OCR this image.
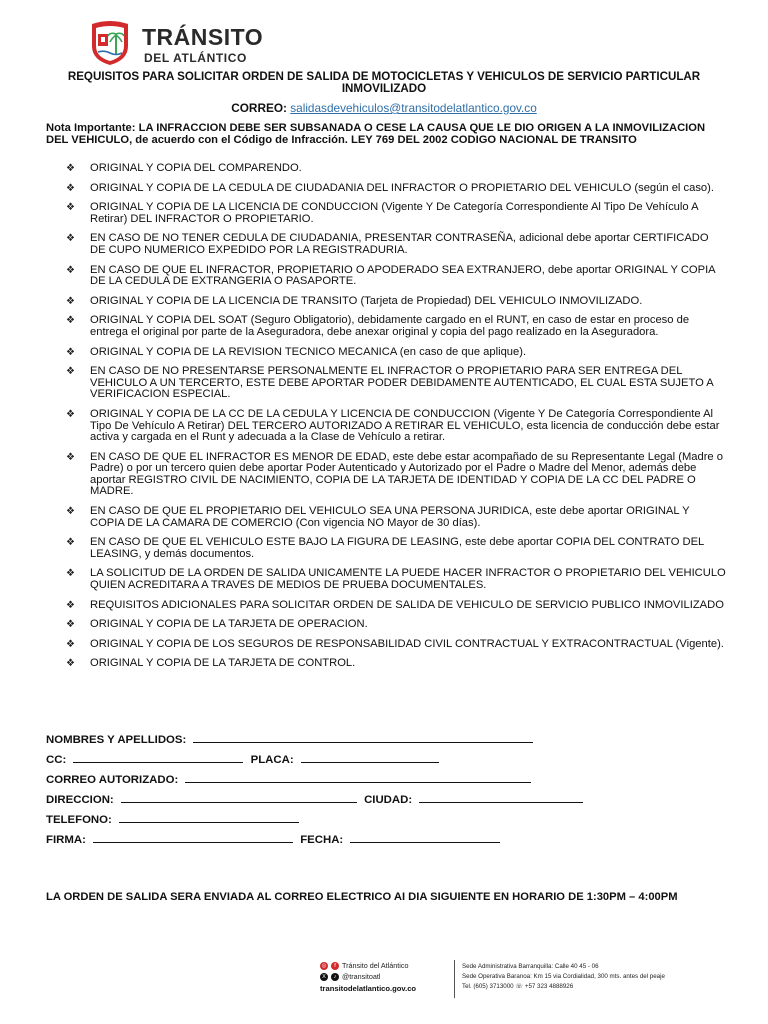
TRÁNSITO
DEL ATLÁNTICO
REQUISITOS PARA SOLICITAR ORDEN DE SALIDA DE MOTOCICLETAS Y VEHICULOS DE SERVICIO PARTICULAR INMOVILIZADO
CORREO: salidasdevehiculos@transitodelatlantico.gov.co
Nota Importante: LA INFRACCION DEBE SER SUBSANADA O CESE LA CAUSA QUE LE DIO ORIGEN A LA INMOVILIZACION DEL VEHICULO, de acuerdo con el Código de Infracción. LEY 769 DEL 2002 CODIGO NACIONAL DE TRANSITO
❖ ORIGINAL Y COPIA DEL COMPARENDO.
❖ ORIGINAL Y COPIA DE LA CEDULA DE CIUDADANIA DEL INFRACTOR O PROPIETARIO DEL VEHICULO (según el caso).
❖ ORIGINAL Y COPIA DE LA LICENCIA DE CONDUCCION (Vigente Y De Categoría Correspondiente Al Tipo De Vehículo A Retirar) DEL INFRACTOR O PROPIETARIO.
❖ EN CASO DE NO TENER CEDULA DE CIUDADANIA, PRESENTAR CONTRASEÑA, adicional debe aportar CERTIFICADO DE CUPO NUMERICO EXPEDIDO POR LA REGISTRADURIA.
❖ EN CASO DE QUE EL INFRACTOR, PROPIETARIO O APODERADO SEA EXTRANJERO, debe aportar ORIGINAL Y COPIA DE LA CEDULA DE EXTRANGERIA O PASAPORTE.
❖ ORIGINAL Y COPIA DE LA LICENCIA DE TRANSITO (Tarjeta de Propiedad) DEL VEHICULO INMOVILIZADO.
❖ ORIGINAL Y COPIA DEL SOAT (Seguro Obligatorio), debidamente cargado en el RUNT, en caso de estar en proceso de entrega el original por parte de la Aseguradora, debe anexar original y copia del pago realizado en la Aseguradora.
❖ ORIGINAL Y COPIA DE LA REVISION TECNICO MECANICA (en caso de que aplique).
❖ EN CASO DE NO PRESENTARSE PERSONALMENTE EL INFRACTOR O PROPIETARIO PARA SER ENTREGA DEL VEHICULO A UN TERCERTO, ESTE DEBE APORTAR PODER DEBIDAMENTE AUTENTICADO, EL CUAL ESTA SUJETO A VERIFICACION ESPECIAL.
❖ ORIGINAL Y COPIA DE LA CC DE LA CEDULA Y LICENCIA DE CONDUCCION (Vigente Y De Categoría Correspondiente Al Tipo De Vehículo A Retirar) DEL TERCERO AUTORIZADO A RETIRAR EL VEHICULO, esta licencia de conducción debe estar activa y cargada en el Runt y adecuada a la Clase de Vehículo a retirar.
❖ EN CASO DE QUE EL INFRACTOR ES MENOR DE EDAD, este debe estar acompañado de su Representante Legal (Madre o Padre) o por un tercero quien debe aportar Poder Autenticado y Autorizado por el Padre o Madre del Menor, además debe aportar REGISTRO CIVIL DE NACIMIENTO, COPIA DE LA TARJETA DE IDENTIDAD Y COPIA DE LA CC DEL PADRE O MADRE.
❖ EN CASO DE QUE EL PROPIETARIO DEL VEHICULO SEA UNA PERSONA JURIDICA, este debe aportar ORIGINAL Y COPIA DE LA CAMARA DE COMERCIO (Con vigencia NO Mayor de 30 días).
❖ EN CASO DE QUE EL VEHICULO ESTE BAJO LA FIGURA DE LEASING, este debe aportar COPIA DEL CONTRATO DEL LEASING, y demás documentos.
❖ LA SOLICITUD DE LA ORDEN DE SALIDA UNICAMENTE LA PUEDE HACER INFRACTOR O PROPIETARIO DEL VEHICULO QUIEN ACREDITARA A TRAVES DE MEDIOS DE PRUEBA DOCUMENTALES.
❖ REQUISITOS ADICIONALES PARA SOLICITAR ORDEN DE SALIDA DE VEHICULO DE SERVICIO PUBLICO INMOVILIZADO
❖ ORIGINAL Y COPIA DE LA TARJETA DE OPERACION.
❖ ORIGINAL Y COPIA DE LOS SEGUROS DE RESPONSABILIDAD CIVIL CONTRACTUAL Y EXTRACONTRACTUAL (Vigente).
❖ ORIGINAL Y COPIA DE LA TARJETA DE CONTROL.
NOMBRES Y APELLIDOS:
CC:	PLACA:
CORREO AUTORIZADO:
DIRECCION:	CIUDAD:
TELEFONO:
FIRMA:	FECHA:
LA ORDEN DE SALIDA SERA ENVIADA AL CORREO ELECTRICO AI DIA SIGUIENTE EN HORARIO DE 1:30PM – 4:00PM
◎	f Tránsito del Atlántico
X	♪ @transitoatl
transitodelatlantico.gov.co
Sede Administrativa Barranquilla: Calle 40 45 - 06
Sede Operativa Baranoa: Km 15 via Cordialidad, 300 mts. antes del peaje
Tel. (605) 3713000 ☏ +57 323 4888926
